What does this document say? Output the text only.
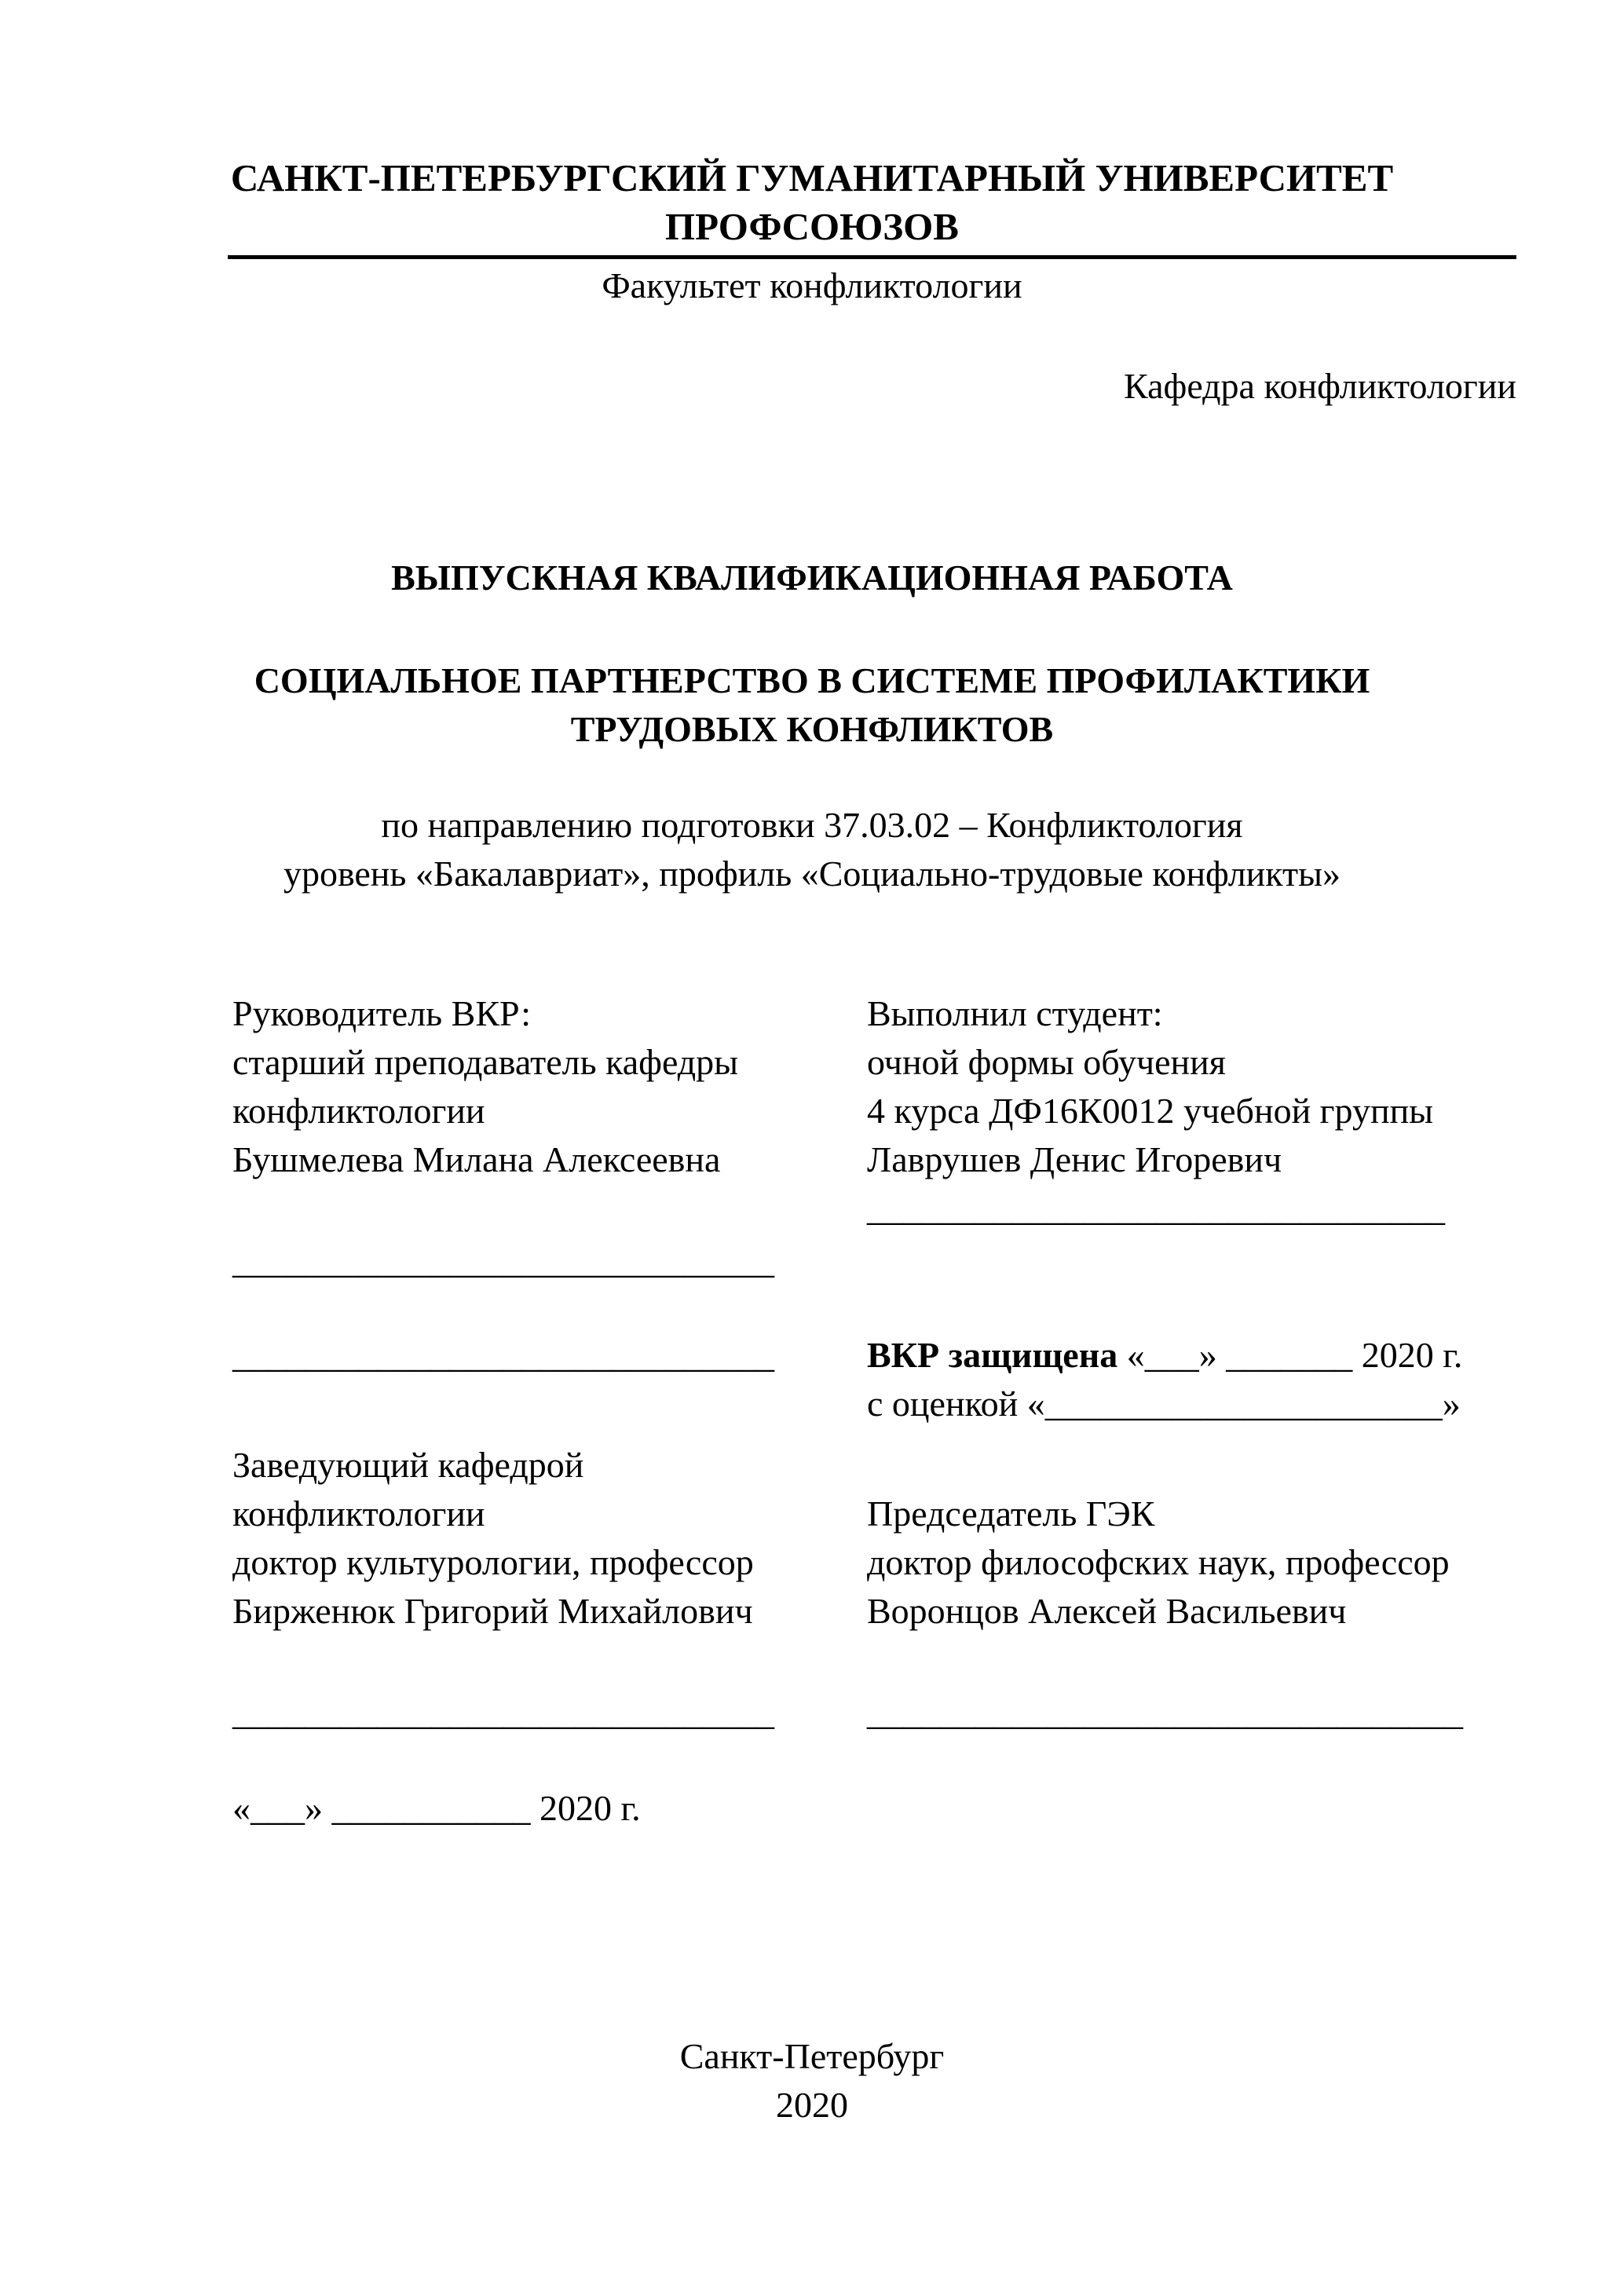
САНКТ-ПЕТЕРБУРГСКИЙ ГУМАНИТАРНЫЙ УНИВЕРСИТЕТ
ПРОФСОЮЗОВ
Факультет конфликтологии
Кафедра конфликтологии
ВЫПУСКНАЯ КВАЛИФИКАЦИОННАЯ РАБОТА
СОЦИАЛЬНОЕ ПАРТНЕРСТВО В СИСТЕМЕ ПРОФИЛАКТИКИ
ТРУДОВЫХ КОНФЛИКТОВ
по направлению подготовки 37.03.02 – Конфликтология
уровень «Бакалавриат», профиль «Социально-трудовые конфликты»
Руководитель ВКР:
старший преподаватель кафедры
конфликтологии
Бушмелева Милана Алексеевна
______________________________
______________________________
Выполнил студент:
очной формы обучения
4 курса ДФ16К0012 учебной группы
Лаврушев Денис Игоревич
________________________________
ВКР защищена «___» _______ 2020 г.
с оценкой «______________________»
Заведующий кафедрой
конфликтологии
доктор культурологии, профессор
Бирженюк Григорий Михайлович
______________________________
Председатель ГЭК
доктор философских наук, профессор
Воронцов Алексей Васильевич
_________________________________
«___» ___________ 2020 г.
Санкт-Петербург
2020
